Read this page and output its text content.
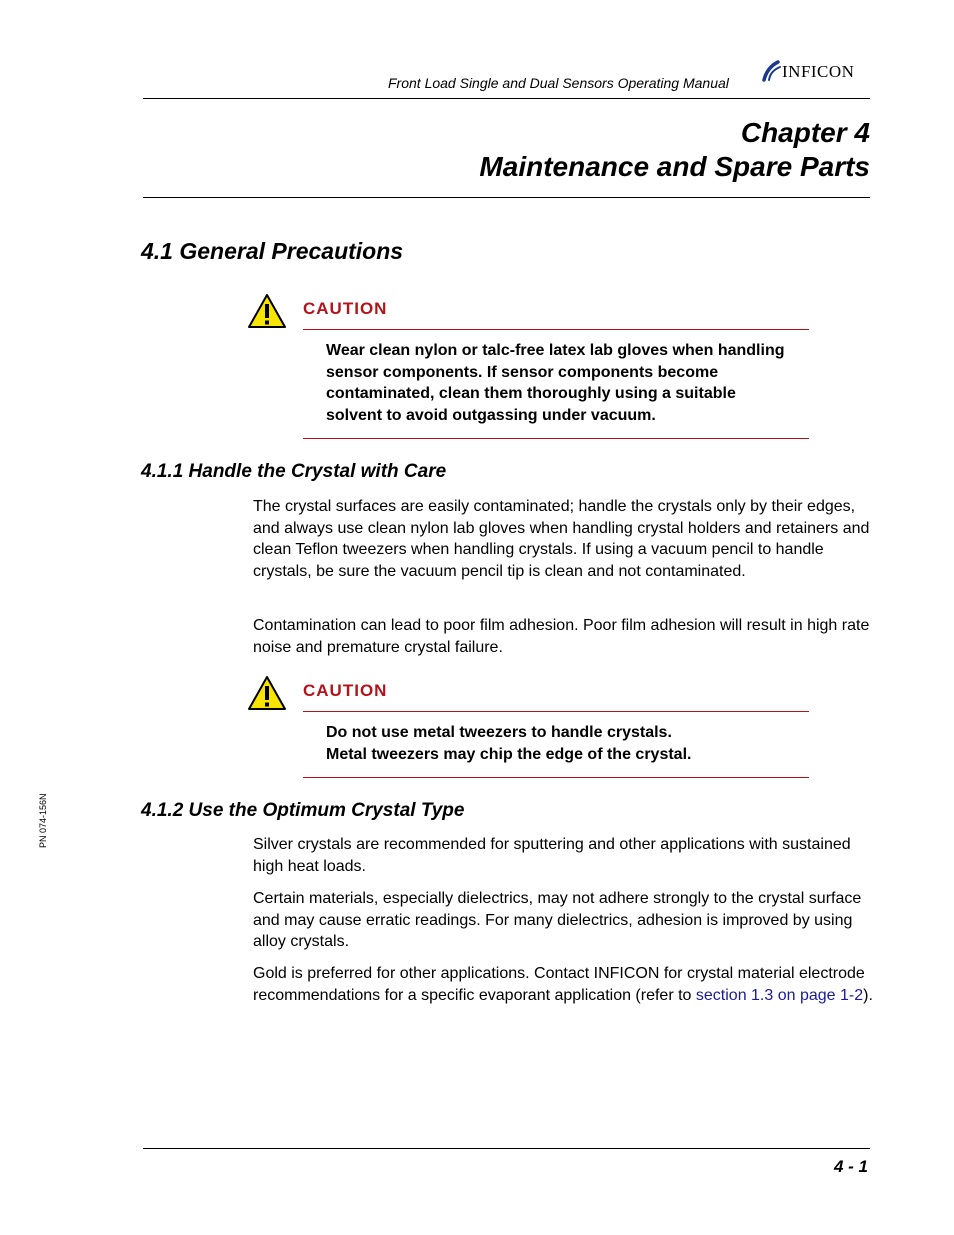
Front Load Single and Dual Sensors Operating Manual
INFICON
Chapter 4
Maintenance and Spare Parts
4.1 General Precautions
CAUTION
Wear clean nylon or talc-free latex lab gloves when handling sensor components. If sensor components become contaminated, clean them thoroughly using a suitable solvent to avoid outgassing under vacuum.
4.1.1 Handle the Crystal with Care
The crystal surfaces are easily contaminated; handle the crystals only by their edges, and always use clean nylon lab gloves when handling crystal holders and retainers and clean Teflon tweezers when handling crystals. If using a vacuum pencil to handle crystals, be sure the vacuum pencil tip is clean and not contaminated.
Contamination can lead to poor film adhesion. Poor film adhesion will result in high rate noise and premature crystal failure.
CAUTION
Do not use metal tweezers to handle crystals.
Metal tweezers may chip the edge of the crystal.
4.1.2 Use the Optimum Crystal Type
Silver crystals are recommended for sputtering and other applications with sustained high heat loads.
Certain materials, especially dielectrics, may not adhere strongly to the crystal surface and may cause erratic readings. For many dielectrics, adhesion is improved by using alloy crystals.
Gold is preferred for other applications. Contact INFICON for crystal material electrode recommendations for a specific evaporant application (refer to section 1.3 on page 1-2).
PN 074-156N
4 - 1
